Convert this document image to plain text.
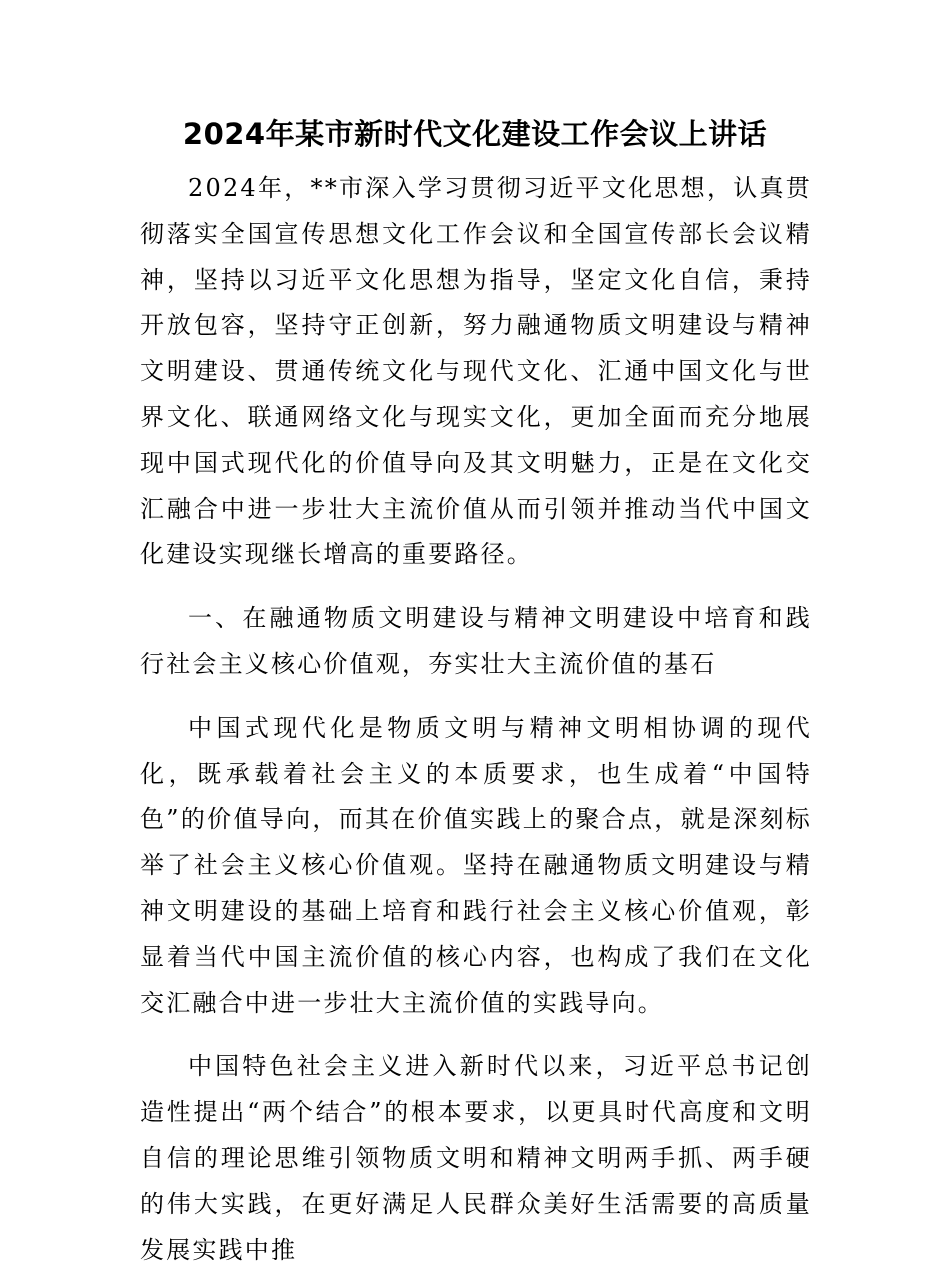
2024年某市新时代文化建设工作会议上讲话

2024年，**市深入学习贯彻习近平文化思想，认真贯彻落实全国宣传思想文化工作会议和全国宣传部长会议精神，坚持以习近平文化思想为指导，坚定文化自信，秉持开放包容，坚持守正创新，努力融通物质文明建设与精神文明建设、贯通传统文化与现代文化、汇通中国文化与世界文化、联通网络文化与现实文化，更加全面而充分地展现中国式现代化的价值导向及其文明魅力，正是在文化交汇融合中进一步壮大主流价值从而引领并推动当代中国文化建设实现继长增高的重要路径。

一、在融通物质文明建设与精神文明建设中培育和践行社会主义核心价值观，夯实壮大主流价值的基石

中国式现代化是物质文明与精神文明相协调的现代化，既承载着社会主义的本质要求，也生成着“中国特色”的价值导向，而其在价值实践上的聚合点，就是深刻标举了社会主义核心价值观。坚持在融通物质文明建设与精神文明建设的基础上培育和践行社会主义核心价值观，彰显着当代中国主流价值的核心内容，也构成了我们在文化交汇融合中进一步壮大主流价值的实践导向。

中国特色社会主义进入新时代以来，习近平总书记创造性提出“两个结合”的根本要求，以更具时代高度和文明自信的理论思维引领物质文明和精神文明两手抓、两手硬的伟大实践，在更好满足人民群众美好生活需要的高质量发展实践中推
